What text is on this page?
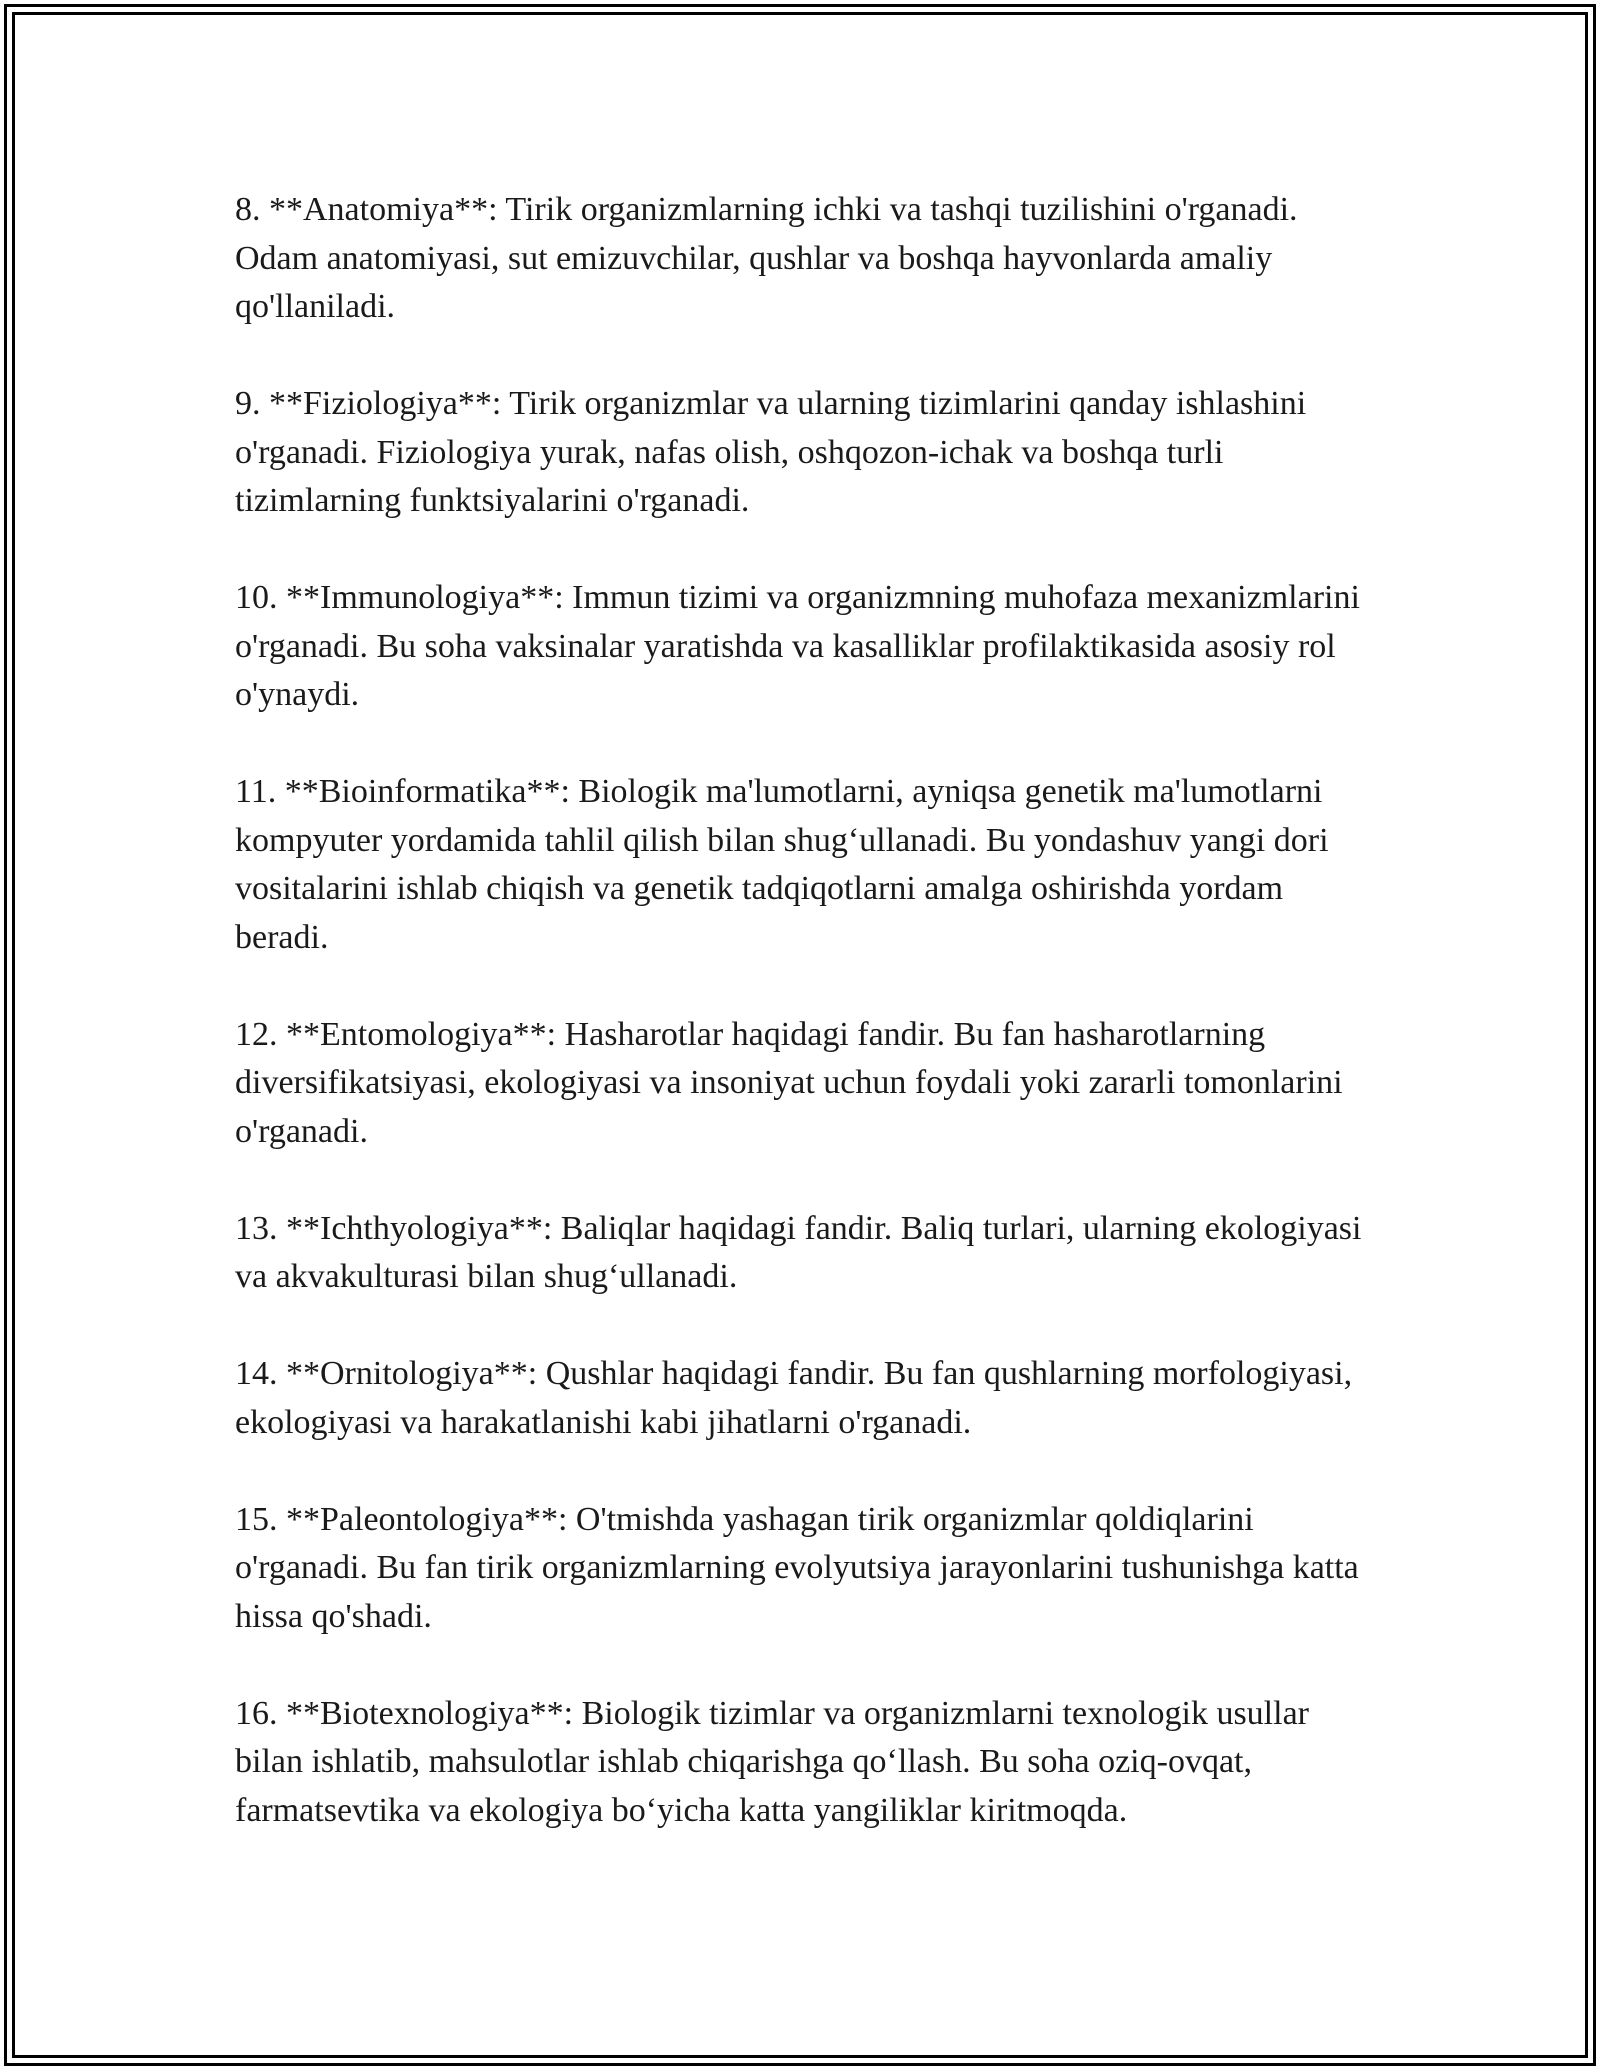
8. **Anatomiya**: Tirik organizmlarning ichki va tashqi tuzilishini o'rganadi. Odam anatomiyasi, sut emizuvchilar, qushlar va boshqa hayvonlarda amaliy qo'llaniladi.

9. **Fiziologiya**: Tirik organizmlar va ularning tizimlarini qanday ishlashini o'rganadi. Fiziologiya yurak, nafas olish, oshqozon-ichak va boshqa turli tizimlarning funktsiyalarini o'rganadi.

10. **Immunologiya**: Immun tizimi va organizmning muhofaza mexanizmlarini o'rganadi. Bu soha vaksinalar yaratishda va kasalliklar profilaktikasida asosiy rol o'ynaydi.

11. **Bioinformatika**: Biologik ma'lumotlarni, ayniqsa genetik ma'lumotlarni kompyuter yordamida tahlil qilish bilan shug‘ullanadi. Bu yondashuv yangi dori vositalarini ishlab chiqish va genetik tadqiqotlarni amalga oshirishda yordam beradi.

12. **Entomologiya**: Hasharotlar haqidagi fandir. Bu fan hasharotlarning diversifikatsiyasi, ekologiyasi va insoniyat uchun foydali yoki zararli tomonlarini o'rganadi.

13. **Ichthyologiya**: Baliqlar haqidagi fandir. Baliq turlari, ularning ekologiyasi va akvakulturasi bilan shug‘ullanadi.

14. **Ornitologiya**: Qushlar haqidagi fandir. Bu fan qushlarning morfologiyasi, ekologiyasi va harakatlanishi kabi jihatlarni o'rganadi.

15. **Paleontologiya**: O'tmishda yashagan tirik organizmlar qoldiqlarini o'rganadi. Bu fan tirik organizmlarning evolyutsiya jarayonlarini tushunishga katta hissa qo'shadi.

16. **Biotexnologiya**: Biologik tizimlar va organizmlarni texnologik usullar bilan ishlatib, mahsulotlar ishlab chiqarishga qo‘llash. Bu soha oziq-ovqat, farmatsevtika va ekologiya bo‘yicha katta yangiliklar kiritmoqda.
